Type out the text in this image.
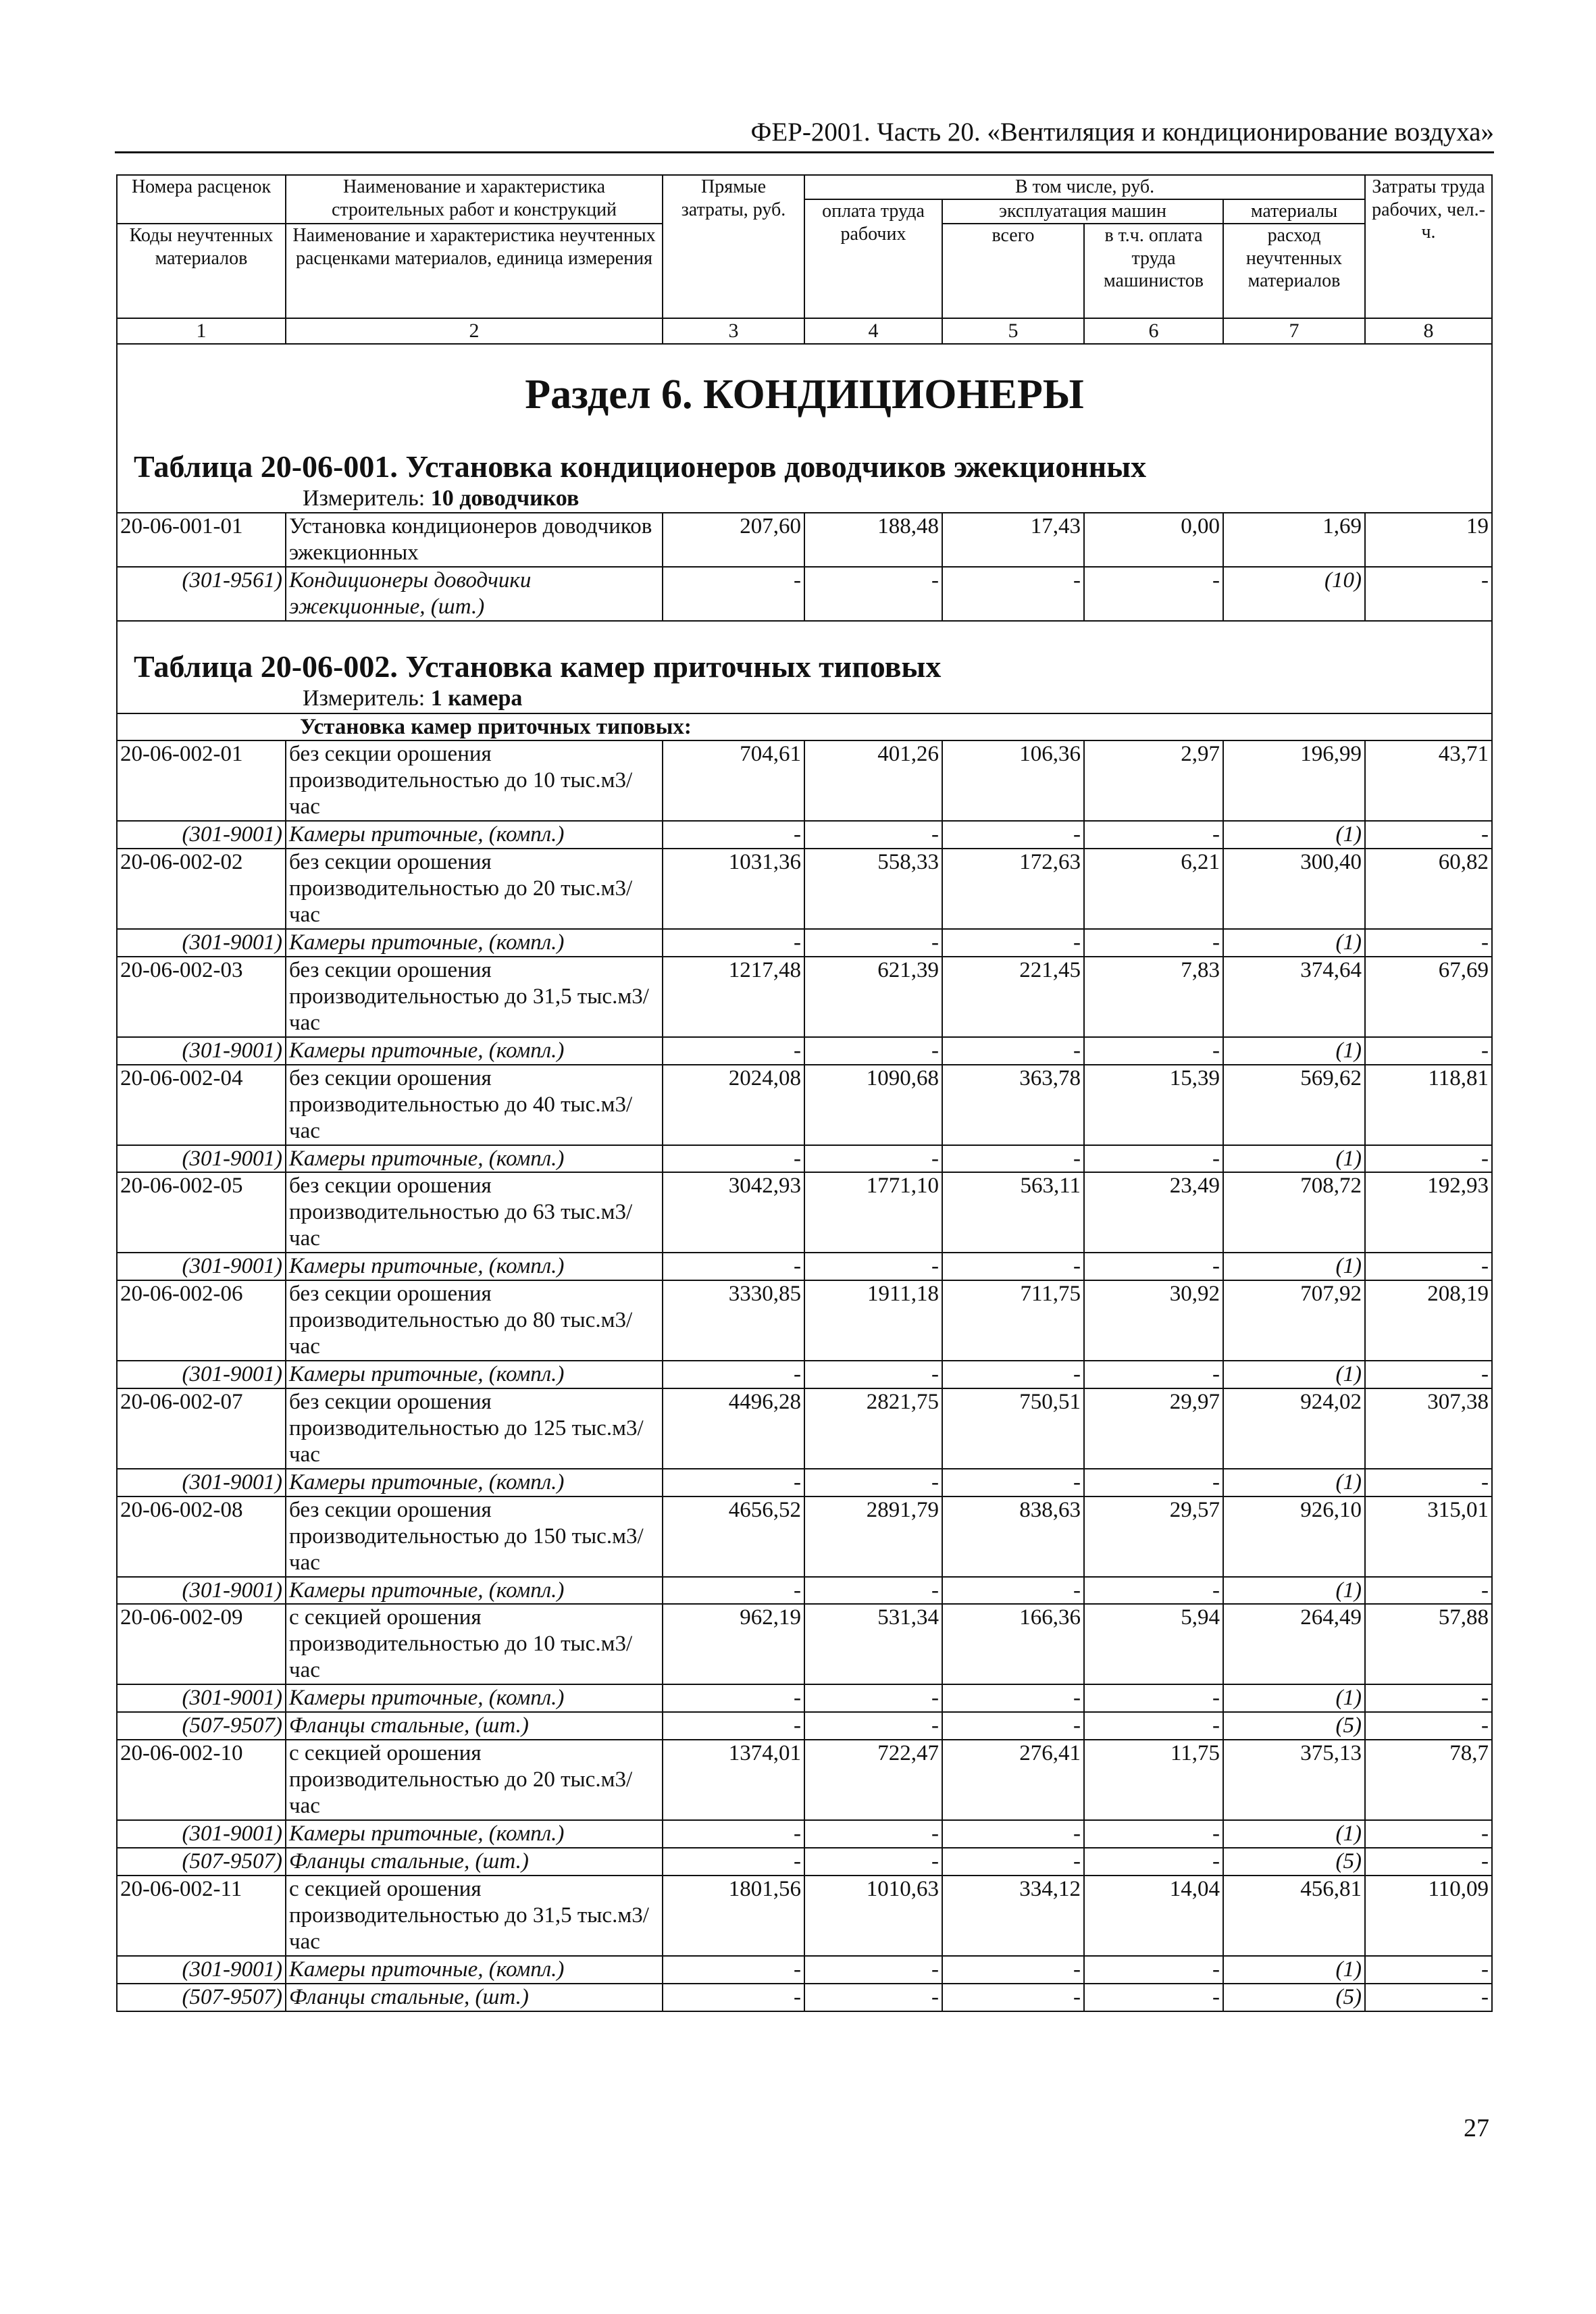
ФЕР-2001. Часть 20. «Вентиляция и кондиционирование воздуха»
Номера расценок	Наименование и характеристика строительных работ и конструкций	Прямые затраты, руб.	В том числе, руб.				Затраты труда рабочих, чел.-ч.
			оплата труда рабочих	эксплуатация машин		материалы	
Коды неучтенных материалов	Наименование и характеристика неучтенных расценками материалов, единица измерения			всего	в т.ч. оплата труда машинистов	расход неучтенных материалов	

1	2	3	4	5	6	7	8

Раздел 6. КОНДИЦИОНЕРЫ							

Таблица 20-06-001. Установка кондиционеров доводчиков эжекционных
Измеритель: 10 доводчиков							

20-06-001-01	Установка кондиционеров доводчиков эжекционных	207,60	188,48	17,43	0,00	1,69	19
(301-9561)	Кондиционеры доводчики эжекционные, (шт.)	-	-	-	-	(10)	-

Таблица 20-06-002. Установка камер приточных типовых
Измеритель: 1 камера							

Установка камер приточных типовых:							
20-06-002-01	без секции орошения производительностью до 10 тыс.м3/час	704,61	401,26	106,36	2,97	196,99	43,71
(301-9001)	Камеры приточные, (компл.)	-	-	-	-	(1)	-
20-06-002-02	без секции орошения производительностью до 20 тыс.м3/час	1031,36	558,33	172,63	6,21	300,40	60,82
(301-9001)	Камеры приточные, (компл.)	-	-	-	-	(1)	-
20-06-002-03	без секции орошения производительностью до 31,5 тыс.м3/час	1217,48	621,39	221,45	7,83	374,64	67,69
(301-9001)	Камеры приточные, (компл.)	-	-	-	-	(1)	-
20-06-002-04	без секции орошения производительностью до 40 тыс.м3/час	2024,08	1090,68	363,78	15,39	569,62	118,81
(301-9001)	Камеры приточные, (компл.)	-	-	-	-	(1)	-
20-06-002-05	без секции орошения производительностью до 63 тыс.м3/час	3042,93	1771,10	563,11	23,49	708,72	192,93
(301-9001)	Камеры приточные, (компл.)	-	-	-	-	(1)	-
20-06-002-06	без секции орошения производительностью до 80 тыс.м3/час	3330,85	1911,18	711,75	30,92	707,92	208,19
(301-9001)	Камеры приточные, (компл.)	-	-	-	-	(1)	-
20-06-002-07	без секции орошения производительностью до 125 тыс.м3/час	4496,28	2821,75	750,51	29,97	924,02	307,38
(301-9001)	Камеры приточные, (компл.)	-	-	-	-	(1)	-
20-06-002-08	без секции орошения производительностью до 150 тыс.м3/час	4656,52	2891,79	838,63	29,57	926,10	315,01
(301-9001)	Камеры приточные, (компл.)	-	-	-	-	(1)	-
20-06-002-09	с секцией орошения производительностью до 10 тыс.м3/час	962,19	531,34	166,36	5,94	264,49	57,88
(301-9001)	Камеры приточные, (компл.)	-	-	-	-	(1)	-
(507-9507)	Фланцы стальные, (шт.)	-	-	-	-	(5)	-
20-06-002-10	с секцией орошения производительностью до 20 тыс.м3/час	1374,01	722,47	276,41	11,75	375,13	78,7
(301-9001)	Камеры приточные, (компл.)	-	-	-	-	(1)	-
(507-9507)	Фланцы стальные, (шт.)	-	-	-	-	(5)	-
20-06-002-11	с секцией орошения производительностью до 31,5 тыс.м3/час	1801,56	1010,63	334,12	14,04	456,81	110,09
(301-9001)	Камеры приточные, (компл.)	-	-	-	-	(1)	-
(507-9507)	Фланцы стальные, (шт.)	-	-	-	-	(5)	-
27
